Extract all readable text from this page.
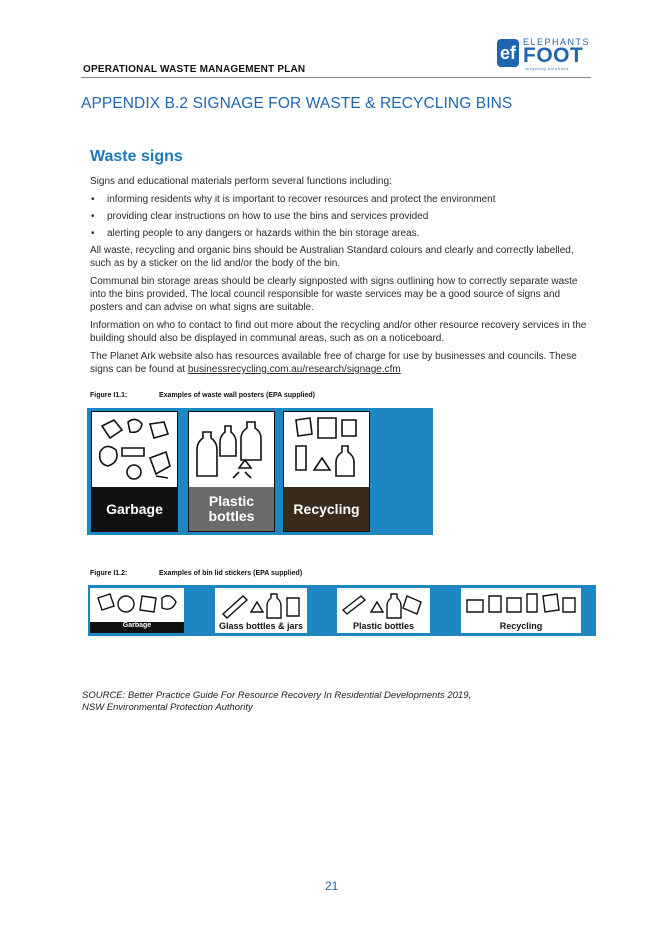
ef
ELEPHANTS
FOOT
recycling solutions
OPERATIONAL WASTE MANAGEMENT PLAN
APPENDIX B.2 SIGNAGE FOR WASTE & RECYCLING BINS
Waste signs
Signs and educational materials perform several functions including:
• informing residents why it is important to recover resources and protect the environment
• providing clear instructions on how to use the bins and services provided
• alerting people to any dangers or hazards within the bin storage areas.
All waste, recycling and organic bins should be Australian Standard colours and clearly and correctly labelled, such as by a sticker on the lid and/or the body of the bin.
Communal bin storage areas should be clearly signposted with signs outlining how to correctly separate waste into the bins provided. The local council responsible for waste services may be a good source of signs and posters and can advise on what signs are suitable.
Information on who to contact to find out more about the recycling and/or other resource recovery services in the building should also be displayed in communal areas, such as on a noticeboard.
The Planet Ark website also has resources available free of charge for use by businesses and councils. These signs can be found at businessrecycling.com.au/research/signage.cfm
Figure I1.1:	Examples of waste wall posters (EPA supplied)
Garbage	Plastic
bottles	Recycling
Figure I1.2:	Examples of bin lid stickers (EPA supplied)
Garbage	Glass bottles & jars	Plastic bottles	Recycling
SOURCE: Better Practice Guide For Resource Recovery In Residential Developments 2019,
NSW Environmental Protection Authority
21
